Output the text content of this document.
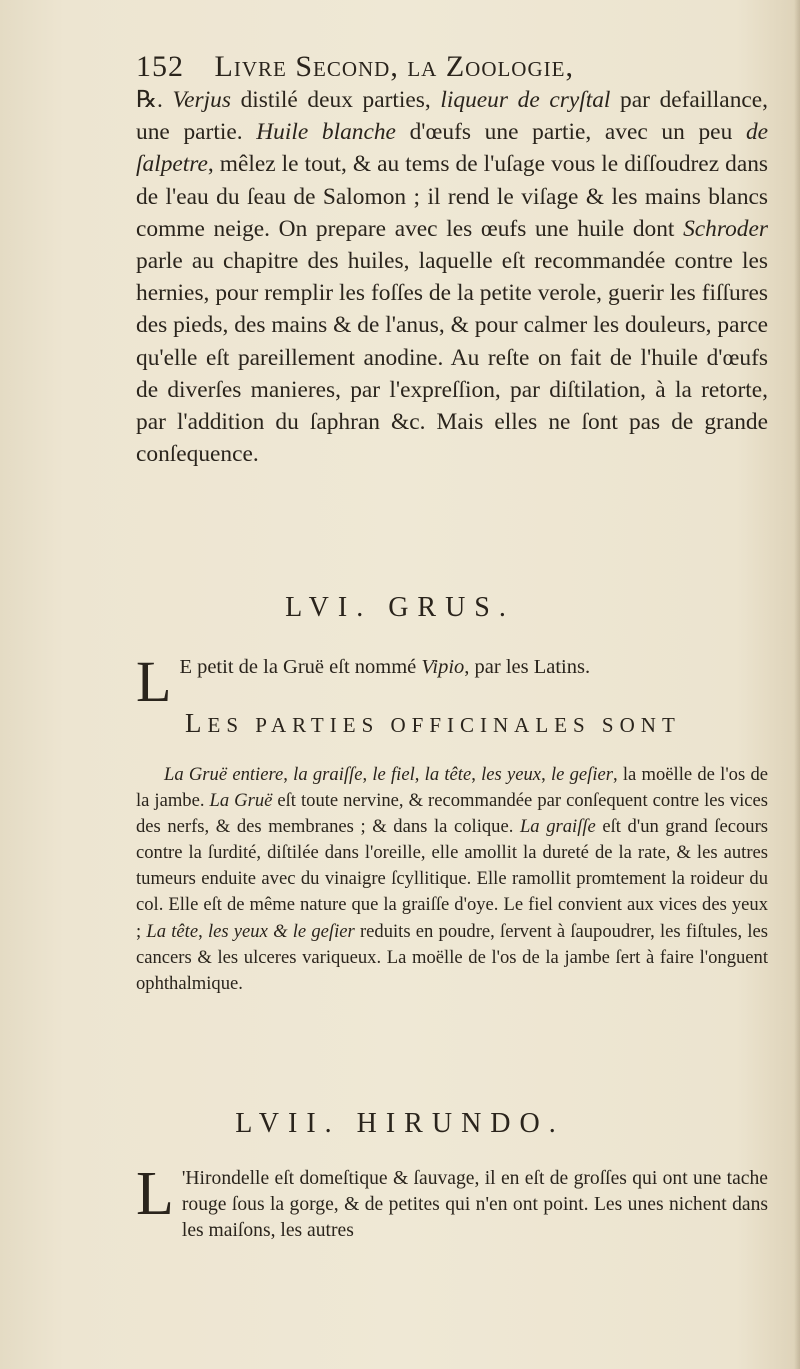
152 Livre Second, la Zoologie,

℞. Verjus distilé deux parties, liqueur de cryſtal par defaillance, une partie. Huile blanche d'œufs une partie, avec un peu de ſalpetre, mêlez le tout, & au tems de l'uſage vous le diſſoudrez dans de l'eau du ſeau de Salomon ; il rend le viſage & les mains blancs comme neige. On prepare avec les œufs une huile dont Schroder parle au chapitre des huiles, laquelle eſt recommandée contre les hernies, pour remplir les foſſes de la petite verole, guerir les fiſſures des pieds, des mains & de l'anus, & pour calmer les douleurs, parce qu'elle eſt pareillement anodine. Au reſte on fait de l'huile d'œufs de diverſes manieres, par l'expreſſion, par diſtilation, à la retorte, par l'addition du ſaphran &c. Mais elles ne ſont pas de grande conſequence.

LVI. GRUS.
L E petit de la Gruë eſt nommé Vipio, par les Latins.
LES PARTIES OFFICINALES SONT

La Gruë entiere, la graiſſe, le fiel, la tête, les yeux, le geſier, la moëlle de l'os de la jambe. La Gruë eſt toute nervine, & recommandée par conſequent contre les vices des nerfs, & des membranes ; & dans la colique. La graiſſe eſt d'un grand ſecours contre la ſurdité, diſtilée dans l'oreille, elle amollit la dureté de la rate, & les autres tumeurs enduite avec du vinaigre ſcyllitique. Elle ramollit promtement la roideur du col. Elle eſt de même nature que la graiſſe d'oye. Le fiel convient aux vices des yeux ; La tête, les yeux & le geſier reduits en poudre, ſervent à ſaupoudrer, les fiſtules, les cancers & les ulceres variqueux. La moëlle de l'os de la jambe ſert à faire l'onguent ophthalmique.

LVII. HIRUNDO.
L 'Hirondelle eſt domeſtique & ſauvage, il en eſt de groſſes qui ont une tache rouge ſous la gorge, & de petites qui n'en ont point. Les unes nichent dans les maiſons, les autres
